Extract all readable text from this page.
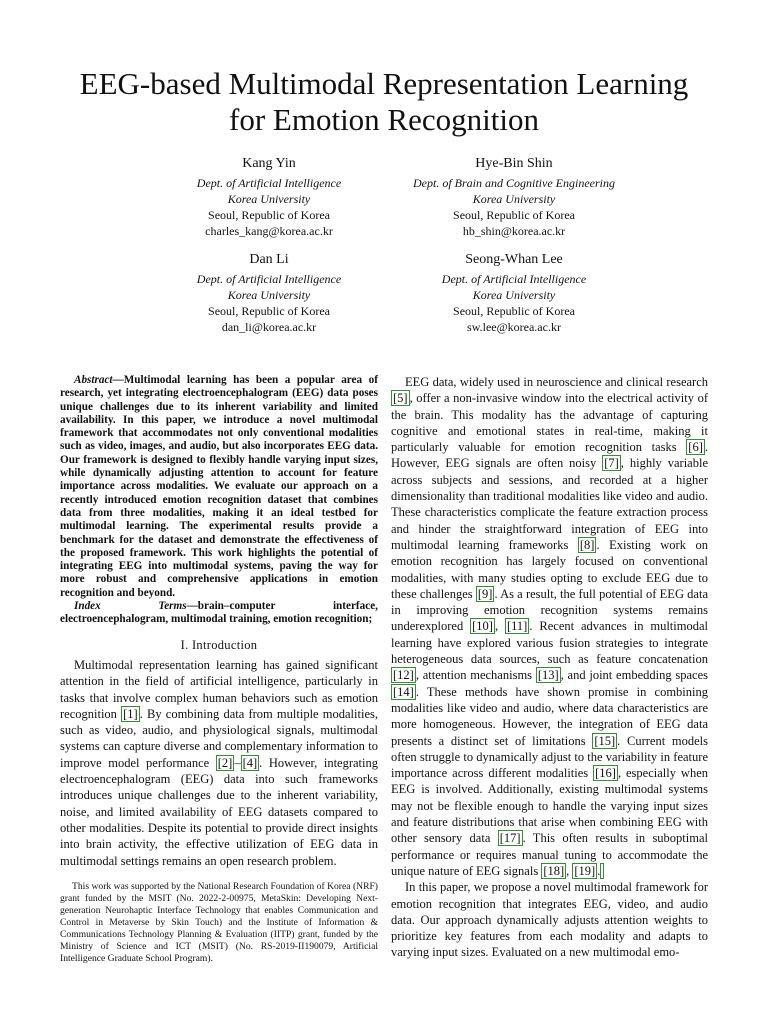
EEG-based Multimodal Representation Learning
for Emotion Recognition
Kang Yin
Dept. of Artificial Intelligence
Korea University
Seoul, Republic of Korea
charles_kang@korea.ac.kr
Hye-Bin Shin
Dept. of Brain and Cognitive Engineering
Korea University
Seoul, Republic of Korea
hb_shin@korea.ac.kr
Dan Li
Dept. of Artificial Intelligence
Korea University
Seoul, Republic of Korea
dan_li@korea.ac.kr
Seong-Whan Lee
Dept. of Artificial Intelligence
Korea University
Seoul, Republic of Korea
sw.lee@korea.ac.kr

Abstract—Multimodal learning has been a popular area of research, yet integrating electroencephalogram (EEG) data poses unique challenges due to its inherent variability and limited availability. In this paper, we introduce a novel multimodal framework that accommodates not only conventional modalities such as video, images, and audio, but also incorporates EEG data. Our framework is designed to flexibly handle varying input sizes, while dynamically adjusting attention to account for feature importance across modalities. We evaluate our approach on a recently introduced emotion recognition dataset that combines data from three modalities, making it an ideal testbed for multimodal learning. The experimental results provide a benchmark for the dataset and demonstrate the effectiveness of the proposed framework. This work highlights the potential of integrating EEG into multimodal systems, paving the way for more robust and comprehensive applications in emotion recognition and beyond.

Index Terms—brain–computer interface, electroencephalogram, multimodal training, emotion recognition;

I. Introduction

Multimodal representation learning has gained significant attention in the field of artificial intelligence, particularly in tasks that involve complex human behaviors such as emotion recognition [1] . By combining data from multiple modalities, such as video, audio, and physiological signals, multimodal systems can capture diverse and complementary information to improve model performance [2] – [4] . However, integrating electroencephalogram (EEG) data into such frameworks introduces unique challenges due to the inherent variability, noise, and limited availability of EEG datasets compared to other modalities. Despite its potential to provide direct insights into brain activity, the effective utilization of EEG data in multimodal settings remains an open research problem.

This work was supported by the National Research Foundation of Korea (NRF) grant funded by the MSIT (No. 2022-2-00975, MetaSkin: Developing Next-generation Neurohaptic Interface Technology that enables Communication and Control in Metaverse by Skin Touch) and the Institute of Information & Communications Technology Planning & Evaluation (IITP) grant, funded by the Ministry of Science and ICT (MSIT) (No. RS-2019-II190079, Artificial Intelligence Graduate School Program).

EEG data, widely used in neuroscience and clinical research [5] , offer a non-invasive window into the electrical activity of the brain. This modality has the advantage of capturing cognitive and emotional states in real-time, making it particularly valuable for emotion recognition tasks [6] . However, EEG signals are often noisy [7] , highly variable across subjects and sessions, and recorded at a higher dimensionality than traditional modalities like video and audio. These characteristics complicate the feature extraction process and hinder the straightforward integration of EEG into multimodal learning frameworks [8] . Existing work on emotion recognition has largely focused on conventional modalities, with many studies opting to exclude EEG due to these challenges [9] . As a result, the full potential of EEG data in improving emotion recognition systems remains underexplored [10] , [11] . Recent advances in multimodal learning have explored various fusion strategies to integrate heterogeneous data sources, such as feature concatenation [12] , attention mechanisms [13] , and joint embedding spaces [14] . These methods have shown promise in combining modalities like video and audio, where data characteristics are more homogeneous. However, the integration of EEG data presents a distinct set of limitations [15] . Current models often struggle to dynamically adjust to the variability in feature importance across different modalities [16] , especially when EEG is involved. Additionally, existing multimodal systems may not be flexible enough to handle the varying input sizes and feature distributions that arise when combining EEG with other sensory data [17] . This often results in suboptimal performance or requires manual tuning to accommodate the unique nature of EEG signals [18] , [19] .

In this paper, we propose a novel multimodal framework for emotion recognition that integrates EEG, video, and audio data. Our approach dynamically adjusts attention weights to prioritize key features from each modality and adapts to varying input sizes. Evaluated on a new multimodal emo-
